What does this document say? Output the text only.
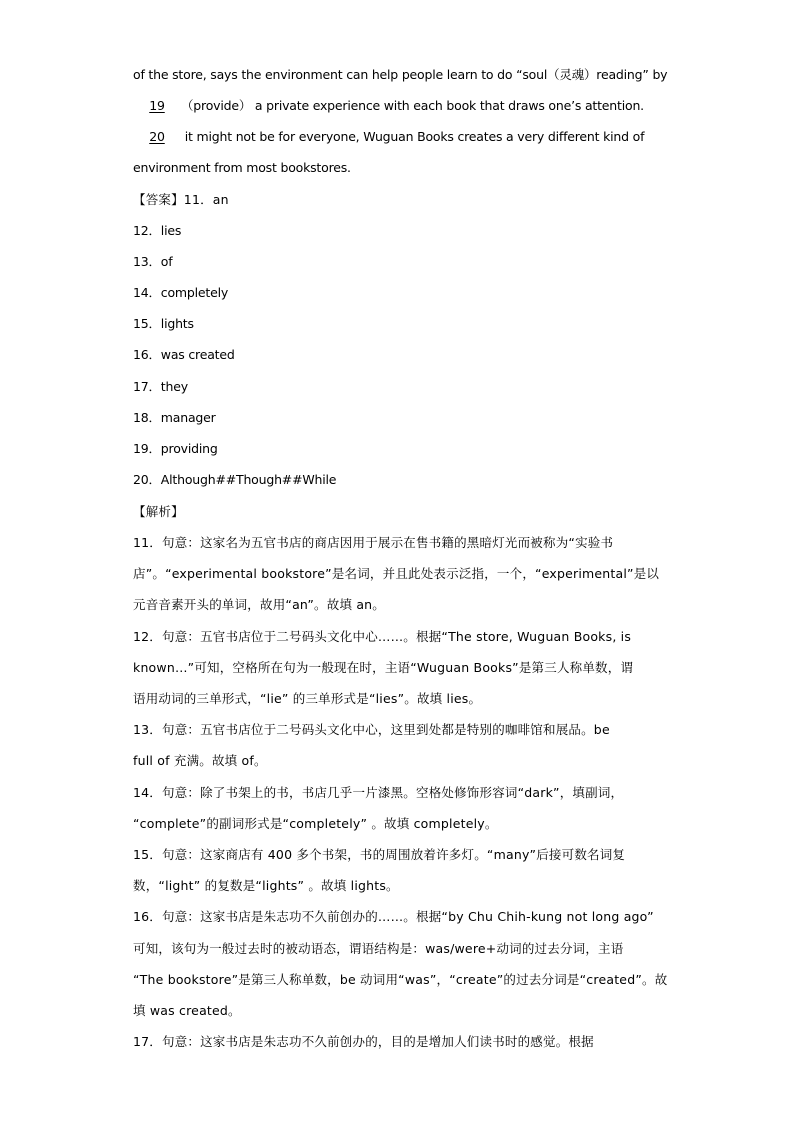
of the store, says the environment can help people learn to do “soul（灵魂）reading” by
19 （provide） a private experience with each book that draws one’s attention.
20 it might not be for everyone, Wuguan Books creates a very different kind of
environment from most bookstores.
【答案】11．an
12．lies
13．of
14．completely
15．lights
16．was created
17．they
18．manager
19．providing
20．Although##Though##While
【解析】
11．句意：这家名为五官书店的商店因用于展示在售书籍的黑暗灯光而被称为“实验书
店”。“experimental bookstore”是名词，并且此处表示泛指，一个，“experimental”是以
元音音素开头的单词，故用“an”。故填 an。
12．句意：五官书店位于二号码头文化中心……。根据“The store, Wuguan Books, is
known…”可知，空格所在句为一般现在时，主语“Wuguan Books”是第三人称单数，谓
语用动词的三单形式，“lie” 的三单形式是“lies”。故填 lies。
13．句意：五官书店位于二号码头文化中心，这里到处都是特别的咖啡馆和展品。be
full of 充满。故填 of。
14．句意：除了书架上的书，书店几乎一片漆黑。空格处修饰形容词“dark”，填副词，
“complete”的副词形式是“completely” 。故填 completely。
15．句意：这家商店有 400 多个书架，书的周围放着许多灯。“many”后接可数名词复
数，“light” 的复数是“lights” 。故填 lights。
16．句意：这家书店是朱志功不久前创办的……。根据“by Chu Chih-kung not long ago”
可知，该句为一般过去时的被动语态，谓语结构是：was/were+动词的过去分词，主语
“The bookstore”是第三人称单数，be 动词用“was”，“create”的过去分词是“created”。故
填 was created。
17．句意：这家书店是朱志功不久前创办的，目的是增加人们读书时的感觉。根据
